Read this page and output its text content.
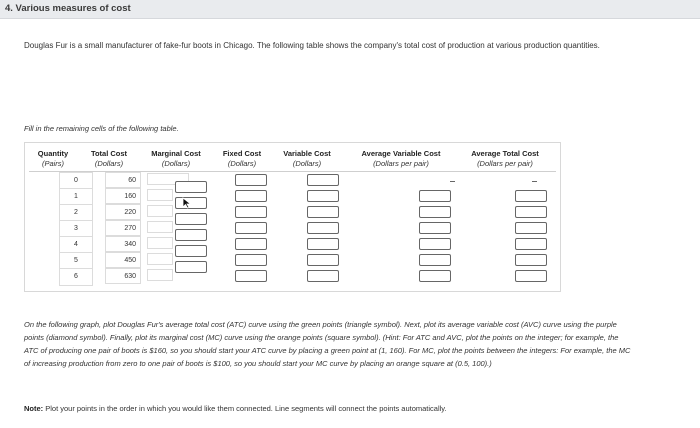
4. Various measures of cost
Douglas Fur is a small manufacturer of fake-fur boots in Chicago. The following table shows the company's total cost of production at various production quantities.
Fill in the remaining cells of the following table.
Quantity
(Pairs)
Total Cost
(Dollars)
Marginal Cost
(Dollars)
Fixed Cost
(Dollars)
Variable Cost
(Dollars)
Average Variable Cost
(Dollars per pair)
Average Total Cost
(Dollars per pair)
0
1
2
3
4
5
6
60
160
220
270
340
450
630
On the following graph, plot Douglas Fur's average total cost (ATC) curve using the green points (triangle symbol). Next, plot its average variable cost (AVC) curve using the purple points (diamond symbol). Finally, plot its marginal cost (MC) curve using the orange points (square symbol). (Hint: For ATC and AVC, plot the points on the integer; for example, the ATC of producing one pair of boots is $160, so you should start your ATC curve by placing a green point at (1, 160). For MC, plot the points between the integers: For example, the MC of increasing production from zero to one pair of boots is $100, so you should start your MC curve by placing an orange square at (0.5, 100).)
Note: Plot your points in the order in which you would like them connected. Line segments will connect the points automatically.
